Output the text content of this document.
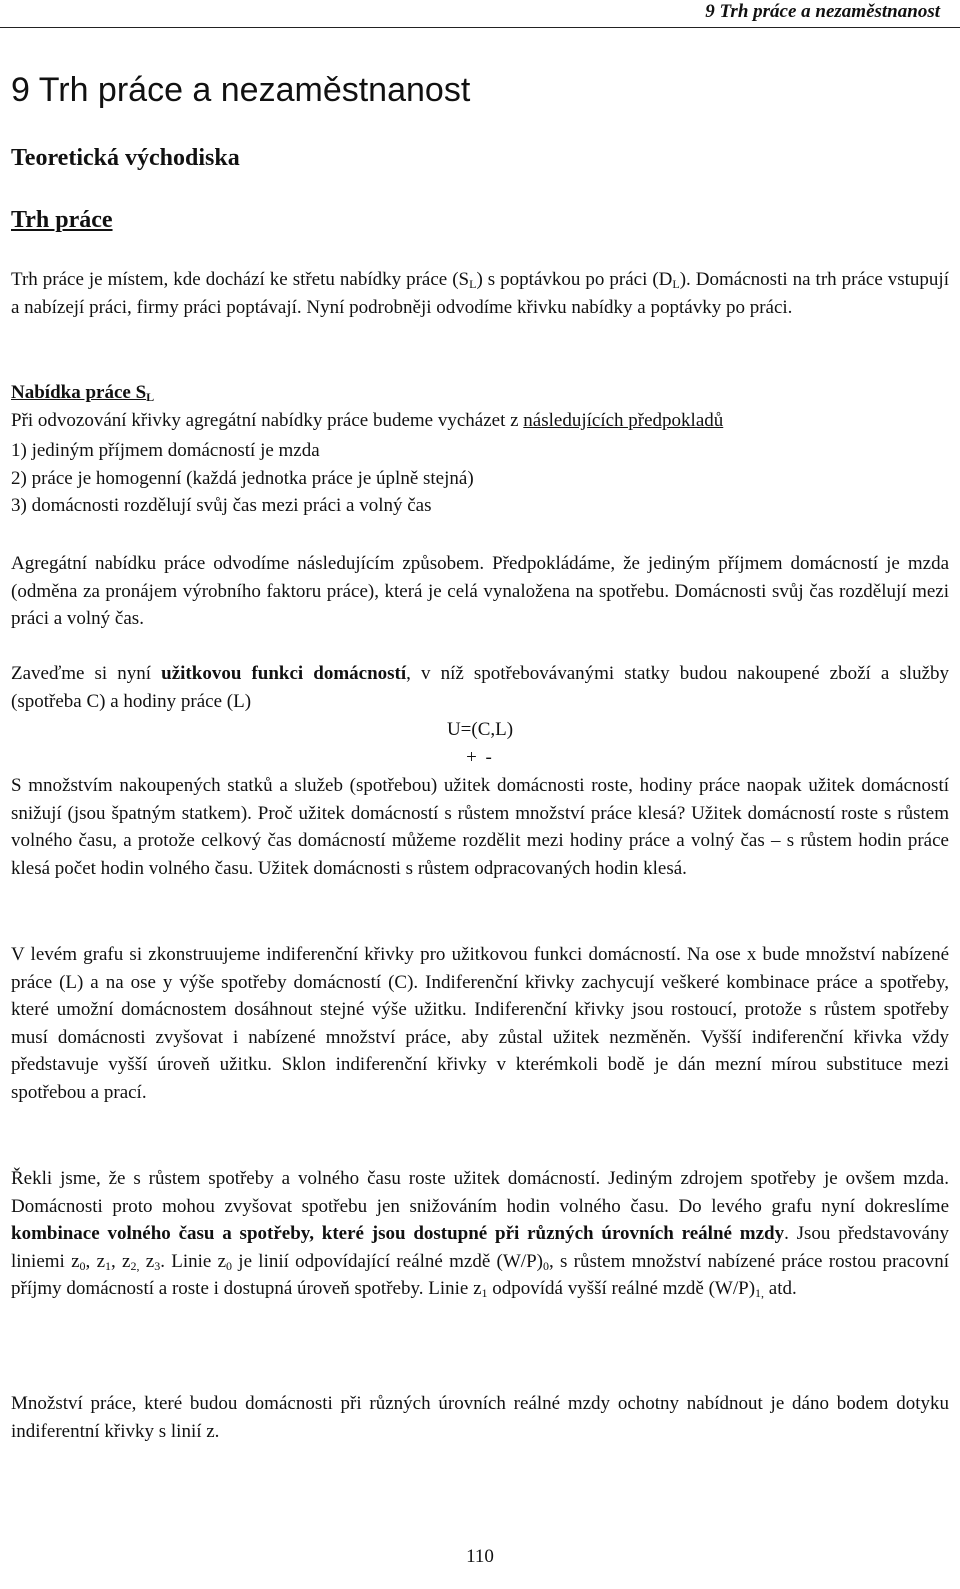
9 Trh práce a nezaměstnanost
9 Trh práce a nezaměstnanost
Teoretická východiska
Trh práce

Trh práce je místem, kde dochází ke střetu nabídky práce $(S_L)$ s poptávkou po práci $(D_L)$. Domácnosti na trh práce vstupují a nabízejí práci, firmy práci poptávají. Nyní podrobněji odvodíme křivku nabídky a poptávky po práci.

Nabídka práce $S_L$

Při odvozování křivky agregátní nabídky práce budeme vycházet z následujících předpokladů

1) jediným příjmem domácností je mzda
2) práce je homogenní (každá jednotka práce je úplně stejná)
3) domácnosti rozdělují svůj čas mezi práci a volný čas

Agregátní nabídku práce odvodíme následujícím způsobem. Předpokládáme, že jediným příjmem domácností je mzda (odměna za pronájem výrobního faktoru práce), která je celá vynaložena na spotřebu. Domácnosti svůj čas rozdělují mezi práci a volný čas.

Zaveďme si nyní užitkovou funkci domácností, v níž spotřebovávanými statky budou nakoupené zboží a služby (spotřeba C) a hodiny práce (L)

U=(C,L)
+ -

S množstvím nakoupených statků a služeb (spotřebou) užitek domácnosti roste, hodiny práce naopak užitek domácností snižují (jsou špatným statkem). Proč užitek domácností s růstem množství práce klesá? Užitek domácností roste s růstem volného času, a protože celkový čas domácností můžeme rozdělit mezi hodiny práce a volný čas – s růstem hodin práce klesá počet hodin volného času. Užitek domácnosti s růstem odpracovaných hodin klesá.

V levém grafu si zkonstruujeme indiferenční křivky pro užitkovou funkci domácností. Na ose x bude množství nabízené práce (L) a na ose y výše spotřeby domácností (C). Indiferenční křivky zachycují veškeré kombinace práce a spotřeby, které umožní domácnostem dosáhnout stejné výše užitku. Indiferenční křivky jsou rostoucí, protože s růstem spotřeby musí domácnosti zvyšovat i nabízené množství práce, aby zůstal užitek nezměněn. Vyšší indiferenční křivka vždy představuje vyšší úroveň užitku. Sklon indiferenční křivky v kterémkoli bodě je dán mezní mírou substituce mezi spotřebou a prací.

Řekli jsme, že s růstem spotřeby a volného času roste užitek domácností. Jediným zdrojem spotřeby je ovšem mzda. Domácnosti proto mohou zvyšovat spotřebu jen snižováním hodin volného času. Do levého grafu nyní dokreslíme kombinace volného času a spotřeby, které jsou dostupné při různých úrovních reálné mzdy. Jsou představovány liniemi $z_0$, $z_1$, $z_{2,}$ $z_3$. Linie $z_0$ je linií odpovídající reálné mzdě $(W/P)_0$, s růstem množství nabízené práce rostou pracovní příjmy domácností a roste i dostupná úroveň spotřeby. Linie $z_1$ odpovídá vyšší reálné mzdě $(W/P)_{1,}$ atd.

Množství práce, které budou domácnosti při různých úrovních reálné mzdy ochotny nabídnout je dáno bodem dotyku indiferentní křivky s linií z.

110
